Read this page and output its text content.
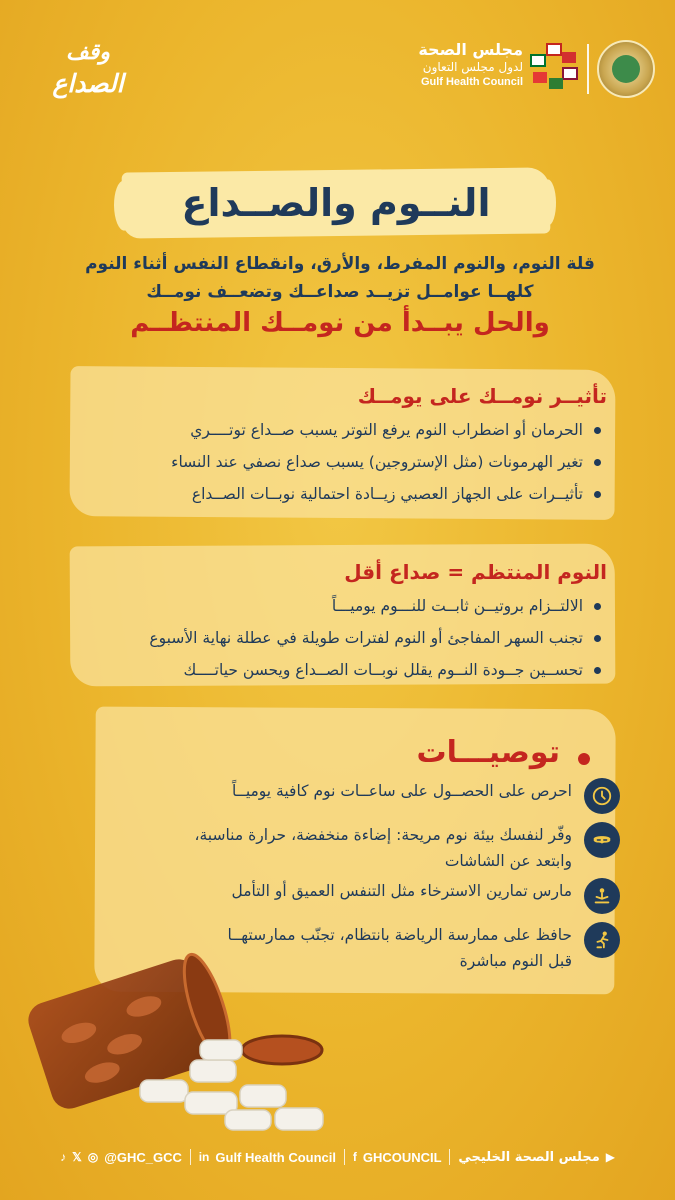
مجلس الصحة
لدول مجلس التعاون
Gulf Health Council
وقف
الصداع
النــوم والصــداع
قلة النوم، والنوم المفرط، والأرق، وانقطاع النفس أثناء النوم
كلهــا عوامــل تزيــد صداعــك وتضعــف نومــك
والحل يبــدأ من نومــك المنتظــم
تأثيــر نومــك على يومــك
الحرمان أو اضطراب النوم يرفع التوتر يسبب صــداع توتــــري
تغير الهرمونات (مثل الإستروجين) يسبب صداع نصفي عند النساء
تأثيــرات على الجهاز العصبي زيــادة احتمالية نوبــات الصــداع
النوم المنتظم = صداع أقل
الالتــزام بروتيــن ثابــت للنـــوم يوميـــاً
تجنب السهر المفاجئ أو النوم لفترات طويلة في عطلة نهاية الأسبوع
تحســين جــودة النــوم يقلل نوبــات الصــداع ويحسن حياتــــك
توصيـــات
احرص على الحصــول على ساعــات نوم كافية يوميــاً
وفّر لنفسك بيئة نوم مريحة: إضاءة منخفضة، حرارة مناسبة،
وابتعد عن الشاشات
مارس تمارين الاسترخاء مثل التنفس العميق أو التأمل
حافظ على ممارسة الرياضة بانتظام، تجنّب ممارستهــا
قبل النوم مباشرة
▶
مجلس الصحة الخليجي
f GHCOUNCIL
in Gulf Health Council
♪ 𝕏 ◎ @GHC_GCC
